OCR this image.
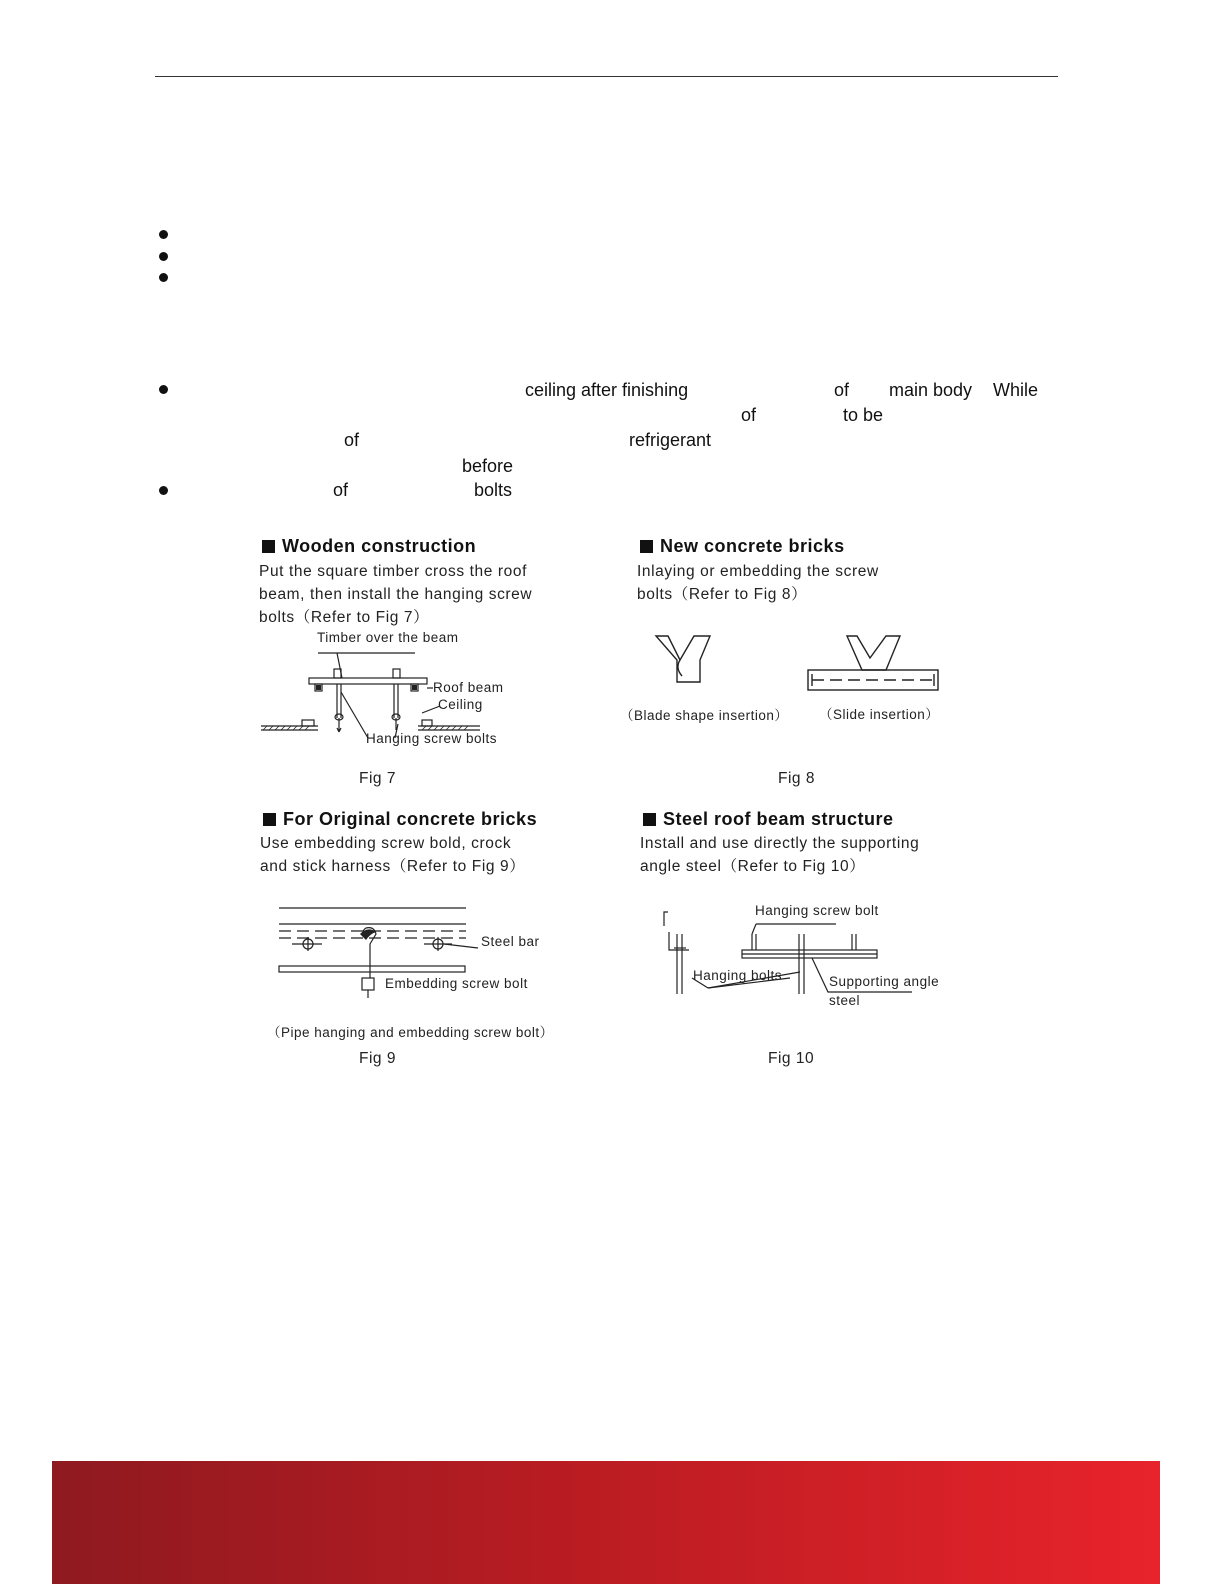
ceiling after finishing	of main body While
of	to be
of	refrigerant
before
of	bolts
Wooden construction
Put the square timber cross the roof
beam, then install the hanging screw
bolts（Refer to Fig 7）
Timber over the beam
Roof beam
Ceiling
Hanging screw bolts
Fig 7
New concrete bricks
Inlaying or embedding the screw
bolts（Refer to Fig 8）
（Blade shape insertion） （Slide insertion）
Fig 8
For Original concrete bricks
Use embedding screw bold, crock
and stick harness（Refer to Fig 9）
Steel bar
Embedding screw bolt
（Pipe hanging and embedding screw bolt）
Fig 9
Steel roof beam structure
Install and use directly the supporting
angle steel（Refer to Fig 10）
Hanging screw bolt
Hanging bolts	Supporting angle
steel
Fig 10
